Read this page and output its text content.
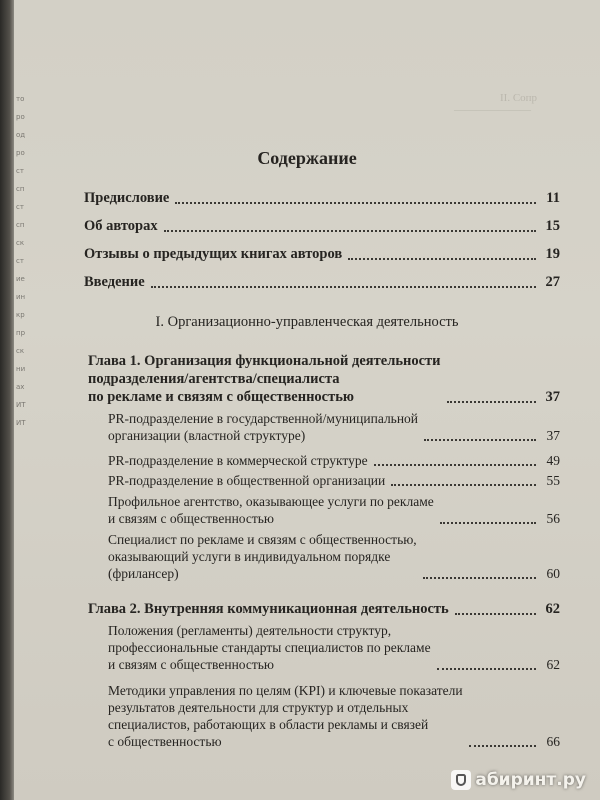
то ро од ро ст сп ст сп ск ст ие ин кр пр ск ни ах ИТ ИТ
II. Сопр
———————
Содержание
Предисловие	11
Об авторах	15
Отзывы о предыдущих книгах авторов	19
Введение	27
I. Организационно-управленческая деятельность
Глава 1. Организация функциональной деятельности
подразделения/агентства/специалиста
по рекламе и связям с общественностью	37
PR-подразделение в государственной/муниципальной
организации (властной структуре)	37
PR-подразделение в коммерческой структуре	49
PR-подразделение в общественной организации	55
Профильное агентство, оказывающее услуги по рекламе
и связям с общественностью	56
Специалист по рекламе и связям с общественностью,
оказывающий услуги в индивидуальном порядке
(фрилансер)	60
Глава 2. Внутренняя коммуникационная деятельность	62
Положения (регламенты) деятельности структур,
профессиональные стандарты специалистов по рекламе
и связям с общественностью	62
Методики управления по целям (KPI) и ключевые показатели
результатов деятельности для структур и отдельных
специалистов, работающих в области рекламы и связей
с общественностью	66
абиринт.ру
